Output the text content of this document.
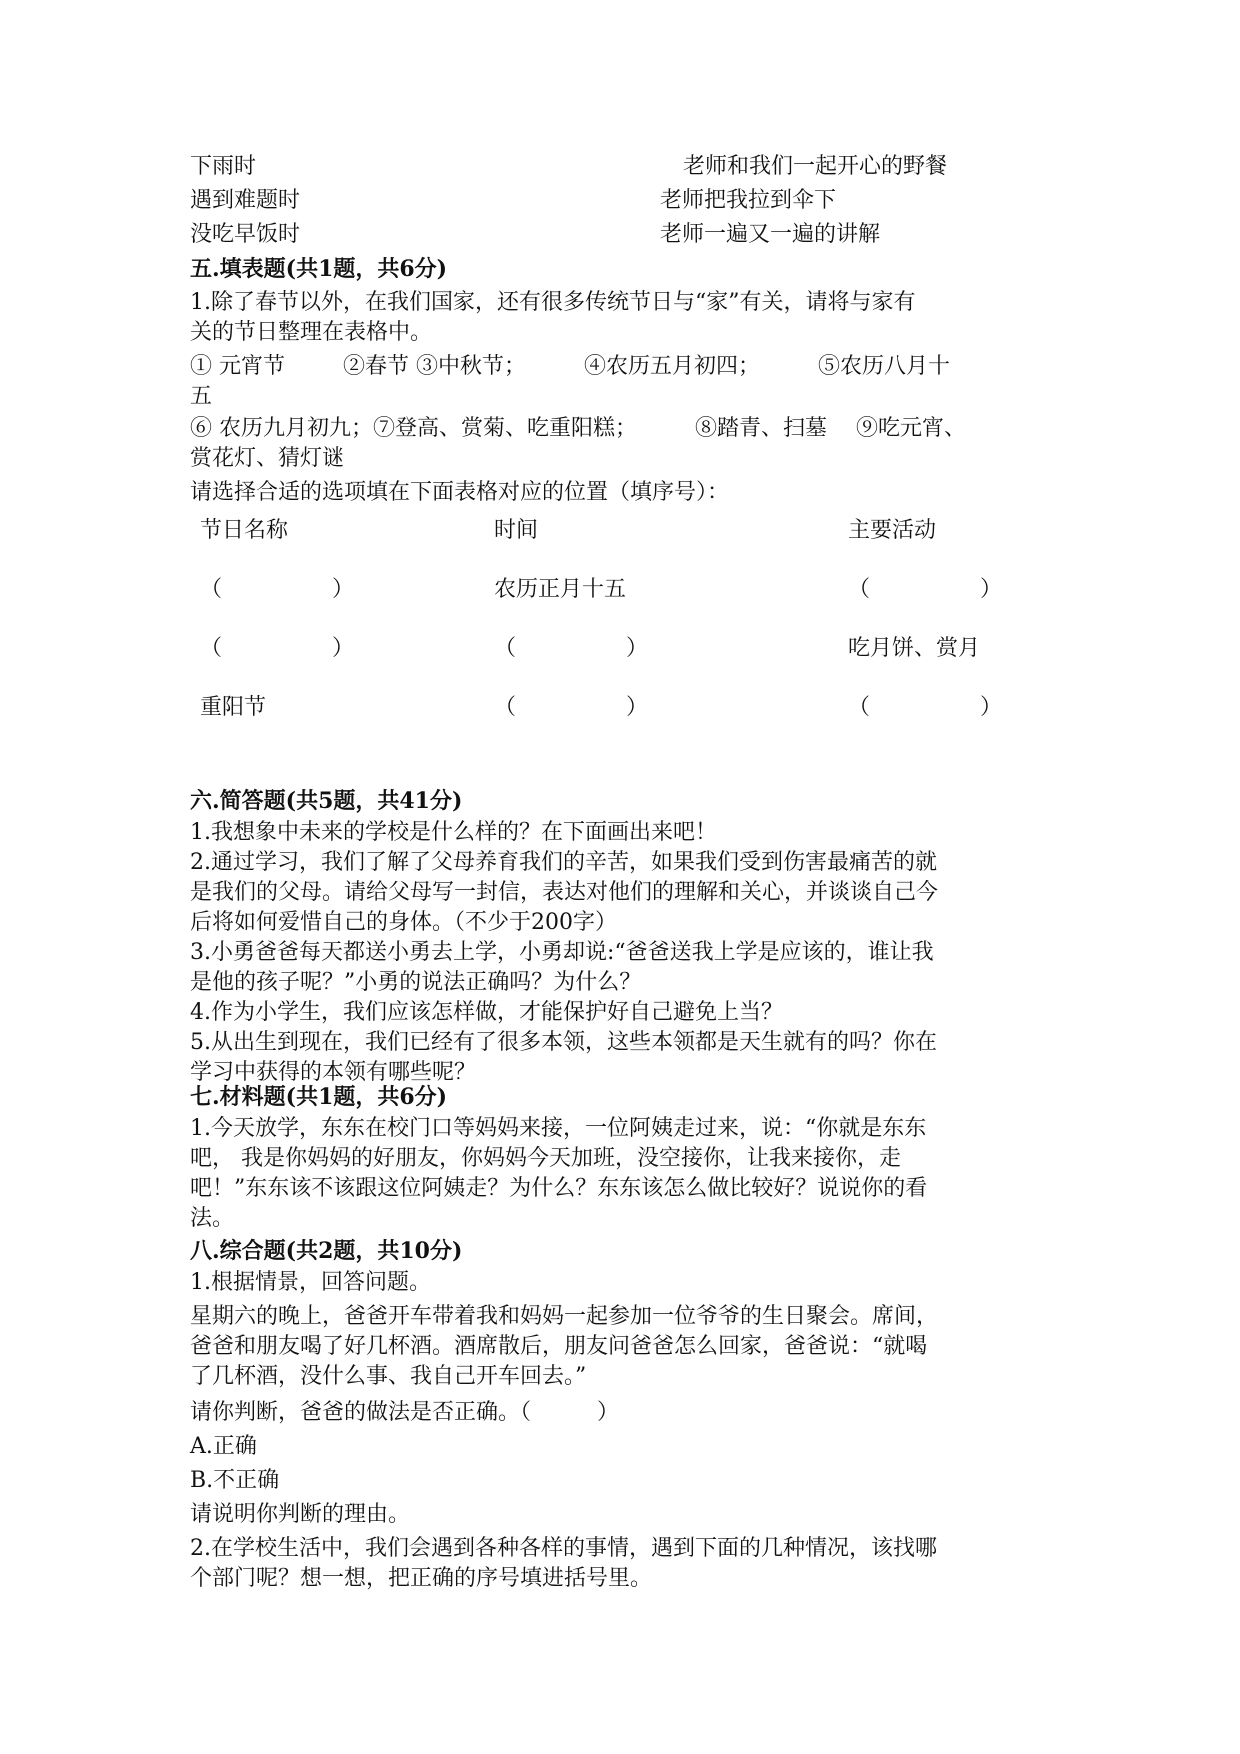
下雨时	老师和我们一起开心的野餐
遇到难题时	老师把我拉到伞下
没吃早饭时	老师一遍又一遍的讲解
五.填表题(共1题，共6分)
1.除了春节以外，在我们国家，还有很多传统节日与“家”有关，请将与家有
关的节日整理在表格中。
① 元宵节 　　 ②春节 ③中秋节； 　　 ④农历五月初四； 　　 ⑤农历八月十
五
⑥ 农历九月初九；⑦登高、赏菊、吃重阳糕； 　　 ⑧踏青、扫墓 　⑨吃元宵、
赏花灯、猜灯谜
请选择合适的选项填在下面表格对应的位置（填序号）：
节日名称	时间	主要活动
（　　　　　）	农历正月十五	（　　　　　）
（　　　　　）	（　　　　　）	吃月饼、赏月
重阳节	（　　　　　）	（　　　　　）
六.简答题(共5题，共41分)

1.我想象中未来的学校是什么样的？在下面画出来吧！

2.通过学习，我们了解了父母养育我们的辛苦，如果我们受到伤害最痛苦的就

是我们的父母。请给父母写一封信，表达对他们的理解和关心，并谈谈自己今

后将如何爱惜自己的身体。（不少于200字）

3.小勇爸爸每天都送小勇去上学，小勇却说:“爸爸送我上学是应该的，谁让我

是他的孩子呢？”小勇的说法正确吗？为什么？

4.作为小学生，我们应该怎样做，才能保护好自己避免上当？

5.从出生到现在，我们已经有了很多本领，这些本领都是天生就有的吗？你在

学习中获得的本领有哪些呢？

七.材料题(共1题，共6分)

1.今天放学，东东在校门口等妈妈来接，一位阿姨走过来，说：“你就是东东

吧， 我是你妈妈的好朋友，你妈妈今天加班，没空接你，让我来接你，走

吧！”东东该不该跟这位阿姨走？为什么？东东该怎么做比较好？说说你的看

法。

八.综合题(共2题，共10分)
1.根据情景，回答问题。

星期六的晚上，爸爸开车带着我和妈妈一起参加一位爷爷的生日聚会。席间，

爸爸和朋友喝了好几杯酒。酒席散后，朋友问爸爸怎么回家，爸爸说：“就喝

了几杯酒，没什么事、我自己开车回去。”

请你判断，爸爸的做法是否正确。（　　　）
A.正确
B.不正确
请说明你判断的理由。
2.在学校生活中，我们会遇到各种各样的事情，遇到下面的几种情况，该找哪
个部门呢？想一想，把正确的序号填进括号里。
